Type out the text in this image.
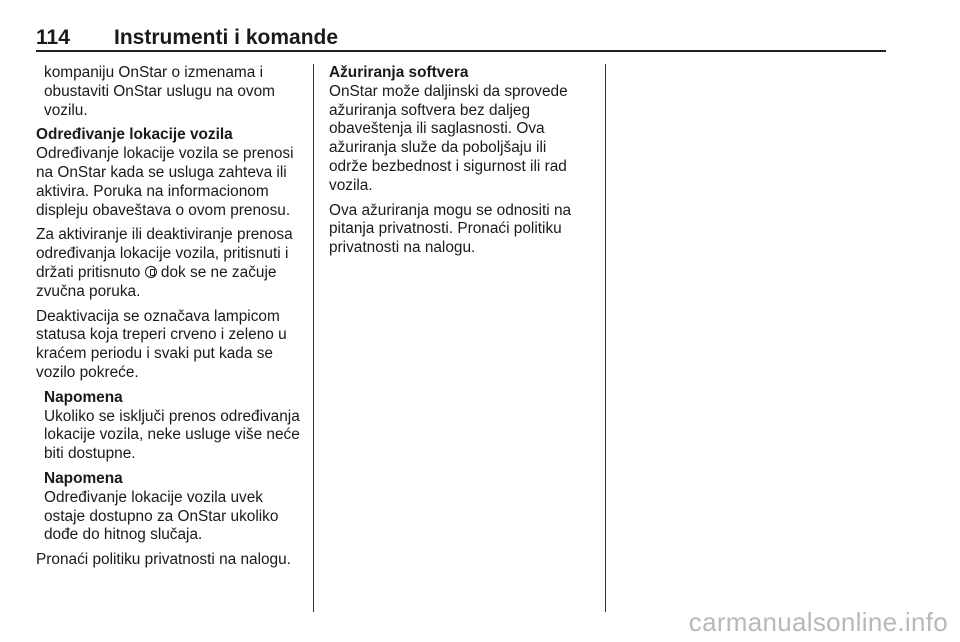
114 Instrumenti i komande

kompaniju OnStar o izmenama i obustaviti OnStar uslugu na ovom vozilu.

Određivanje lokacije vozila

Određivanje lokacije vozila se prenosi na OnStar kada se usluga zahteva ili aktivira. Poruka na informacionom displeju obaveštava o ovom prenosu.

Za aktiviranje ili deaktiviranje prenosa određivanja lokacije vozila, pritisnuti i držati pritisnuto  dok se ne začuje zvučna poruka.

Deaktivacija se označava lampicom statusa koja treperi crveno i zeleno u kraćem periodu i svaki put kada se vozilo pokreće.

Napomena

Ukoliko se isključi prenos određivanja lokacije vozila, neke usluge više neće biti dostupne.

Napomena

Određivanje lokacije vozila uvek ostaje dostupno za OnStar ukoliko dođe do hitnog slučaja.

Pronaći politiku privatnosti na nalogu.

Ažuriranja softvera

OnStar može daljinski da sprovede ažuriranja softvera bez daljeg obaveštenja ili saglasnosti. Ova ažuriranja služe da poboljšaju ili održe bezbednost i sigurnost ili rad vozila.

Ova ažuriranja mogu se odnositi na pitanja privatnosti. Pronaći politiku privatnosti na nalogu.

carmanualsonline.info
